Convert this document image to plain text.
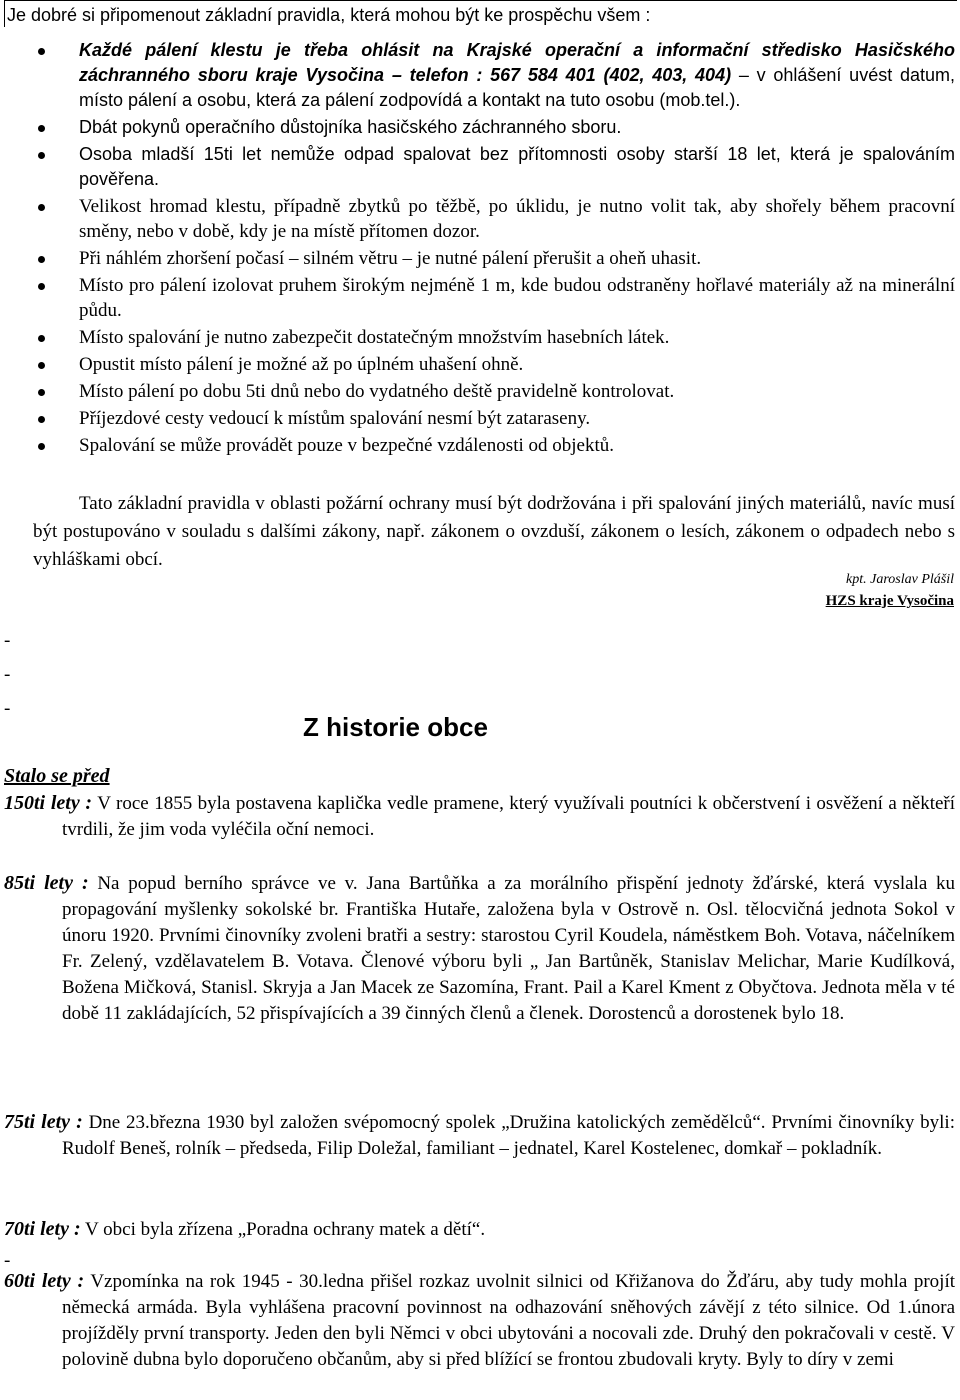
Je dobré si připomenout základní pravidla, která mohou být ke prospěchu všem :
Každé pálení klestu je třeba ohlásit na Krajské operační a informační středisko Hasičského záchranného sboru kraje Vysočina – telefon : 567 584 401 (402, 403, 404) – v ohlášení uvést datum, místo pálení a osobu, která za pálení zodpovídá a kontakt na tuto osobu (mob.tel.).
Dbát pokynů operačního důstojníka hasičského záchranného sboru.
Osoba mladší 15ti let nemůže odpad spalovat bez přítomnosti osoby starší 18 let, která je spalováním pověřena.
Velikost hromad klestu, případně zbytků po těžbě, po úklidu, je nutno volit tak, aby shořely během pracovní směny, nebo v době, kdy je na místě přítomen dozor.
Při náhlém zhoršení počasí – silném větru – je nutné pálení přerušit a oheň uhasit.
Místo pro pálení izolovat pruhem širokým nejméně 1 m, kde budou odstraněny hořlavé materiály až na minerální půdu.
Místo spalování je nutno zabezpečit dostatečným množstvím hasebních látek.
Opustit místo pálení je možné až po úplném uhašení ohně.
Místo pálení po dobu 5ti dnů nebo do vydatného deště pravidelně kontrolovat.
Příjezdové cesty vedoucí k místům spalování nesmí být zataraseny.
Spalování se může provádět pouze v bezpečné vzdálenosti od objektů.
Tato základní pravidla v oblasti požární ochrany musí být dodržována i při spalování jiných materiálů, navíc musí být postupováno v souladu s dalšími zákony, např. zákonem o ovzduší, zákonem o lesích, zákonem o odpadech nebo s vyhláškami obcí.
kpt. Jaroslav Plášil
HZS kraje Vysočina
-
-
-
Z historie obce
Stalo se před
150ti lety : V roce 1855 byla postavena kaplička vedle pramene, který využívali poutníci k občerstvení i osvěžení a někteří tvrdili, že jim voda vyléčila oční nemoci.
85ti lety : Na popud berního správce ve v. Jana Bartůňka a za morálního přispění jednoty žďárské, která vyslala ku propagování myšlenky sokolské br. Františka Hutaře, založena byla v Ostrově n. Osl. tělocvičná jednota Sokol v únoru 1920. Prvními činovníky zvoleni bratři a sestry: starostou Cyril Koudela, náměstkem Boh. Votava, náčelníkem Fr. Zelený, vzdělavatelem B. Votava. Členové výboru byli „ Jan Bartůněk, Stanislav Melichar, Marie Kudílková, Božena Mičková, Stanisl. Skryja a Jan Macek ze Sazomína, Frant. Pail a Karel Kment z Obyčtova. Jednota měla v té době 11 zakládajících, 52 přispívajících a 39 činných členů a členek. Dorostenců a dorostenek bylo 18.
75ti lety : Dne 23.března 1930 byl založen svépomocný spolek „Družina katolických zemědělců“. Prvními činovníky byli: Rudolf Beneš, rolník – předseda, Filip Doležal, familiant – jednatel, Karel Kostelenec, domkař – pokladník.
70ti lety : V obci byla zřízena „Poradna ochrany matek a dětí“.
-
60ti lety : Vzpomínka na rok 1945 - 30.ledna přišel rozkaz uvolnit silnici od Křižanova do Žďáru, aby tudy mohla projít německá armáda. Byla vyhlášena pracovní povinnost na odhazování sněhových závějí z této silnice. Od 1.února projížděly první transporty. Jeden den byli Němci v obci ubytováni a nocovali zde. Druhý den pokračovali v cestě. V polovině dubna bylo doporučeno občanům, aby si před blížící se frontou zbudovali kryty. Byly to díry v zemi
